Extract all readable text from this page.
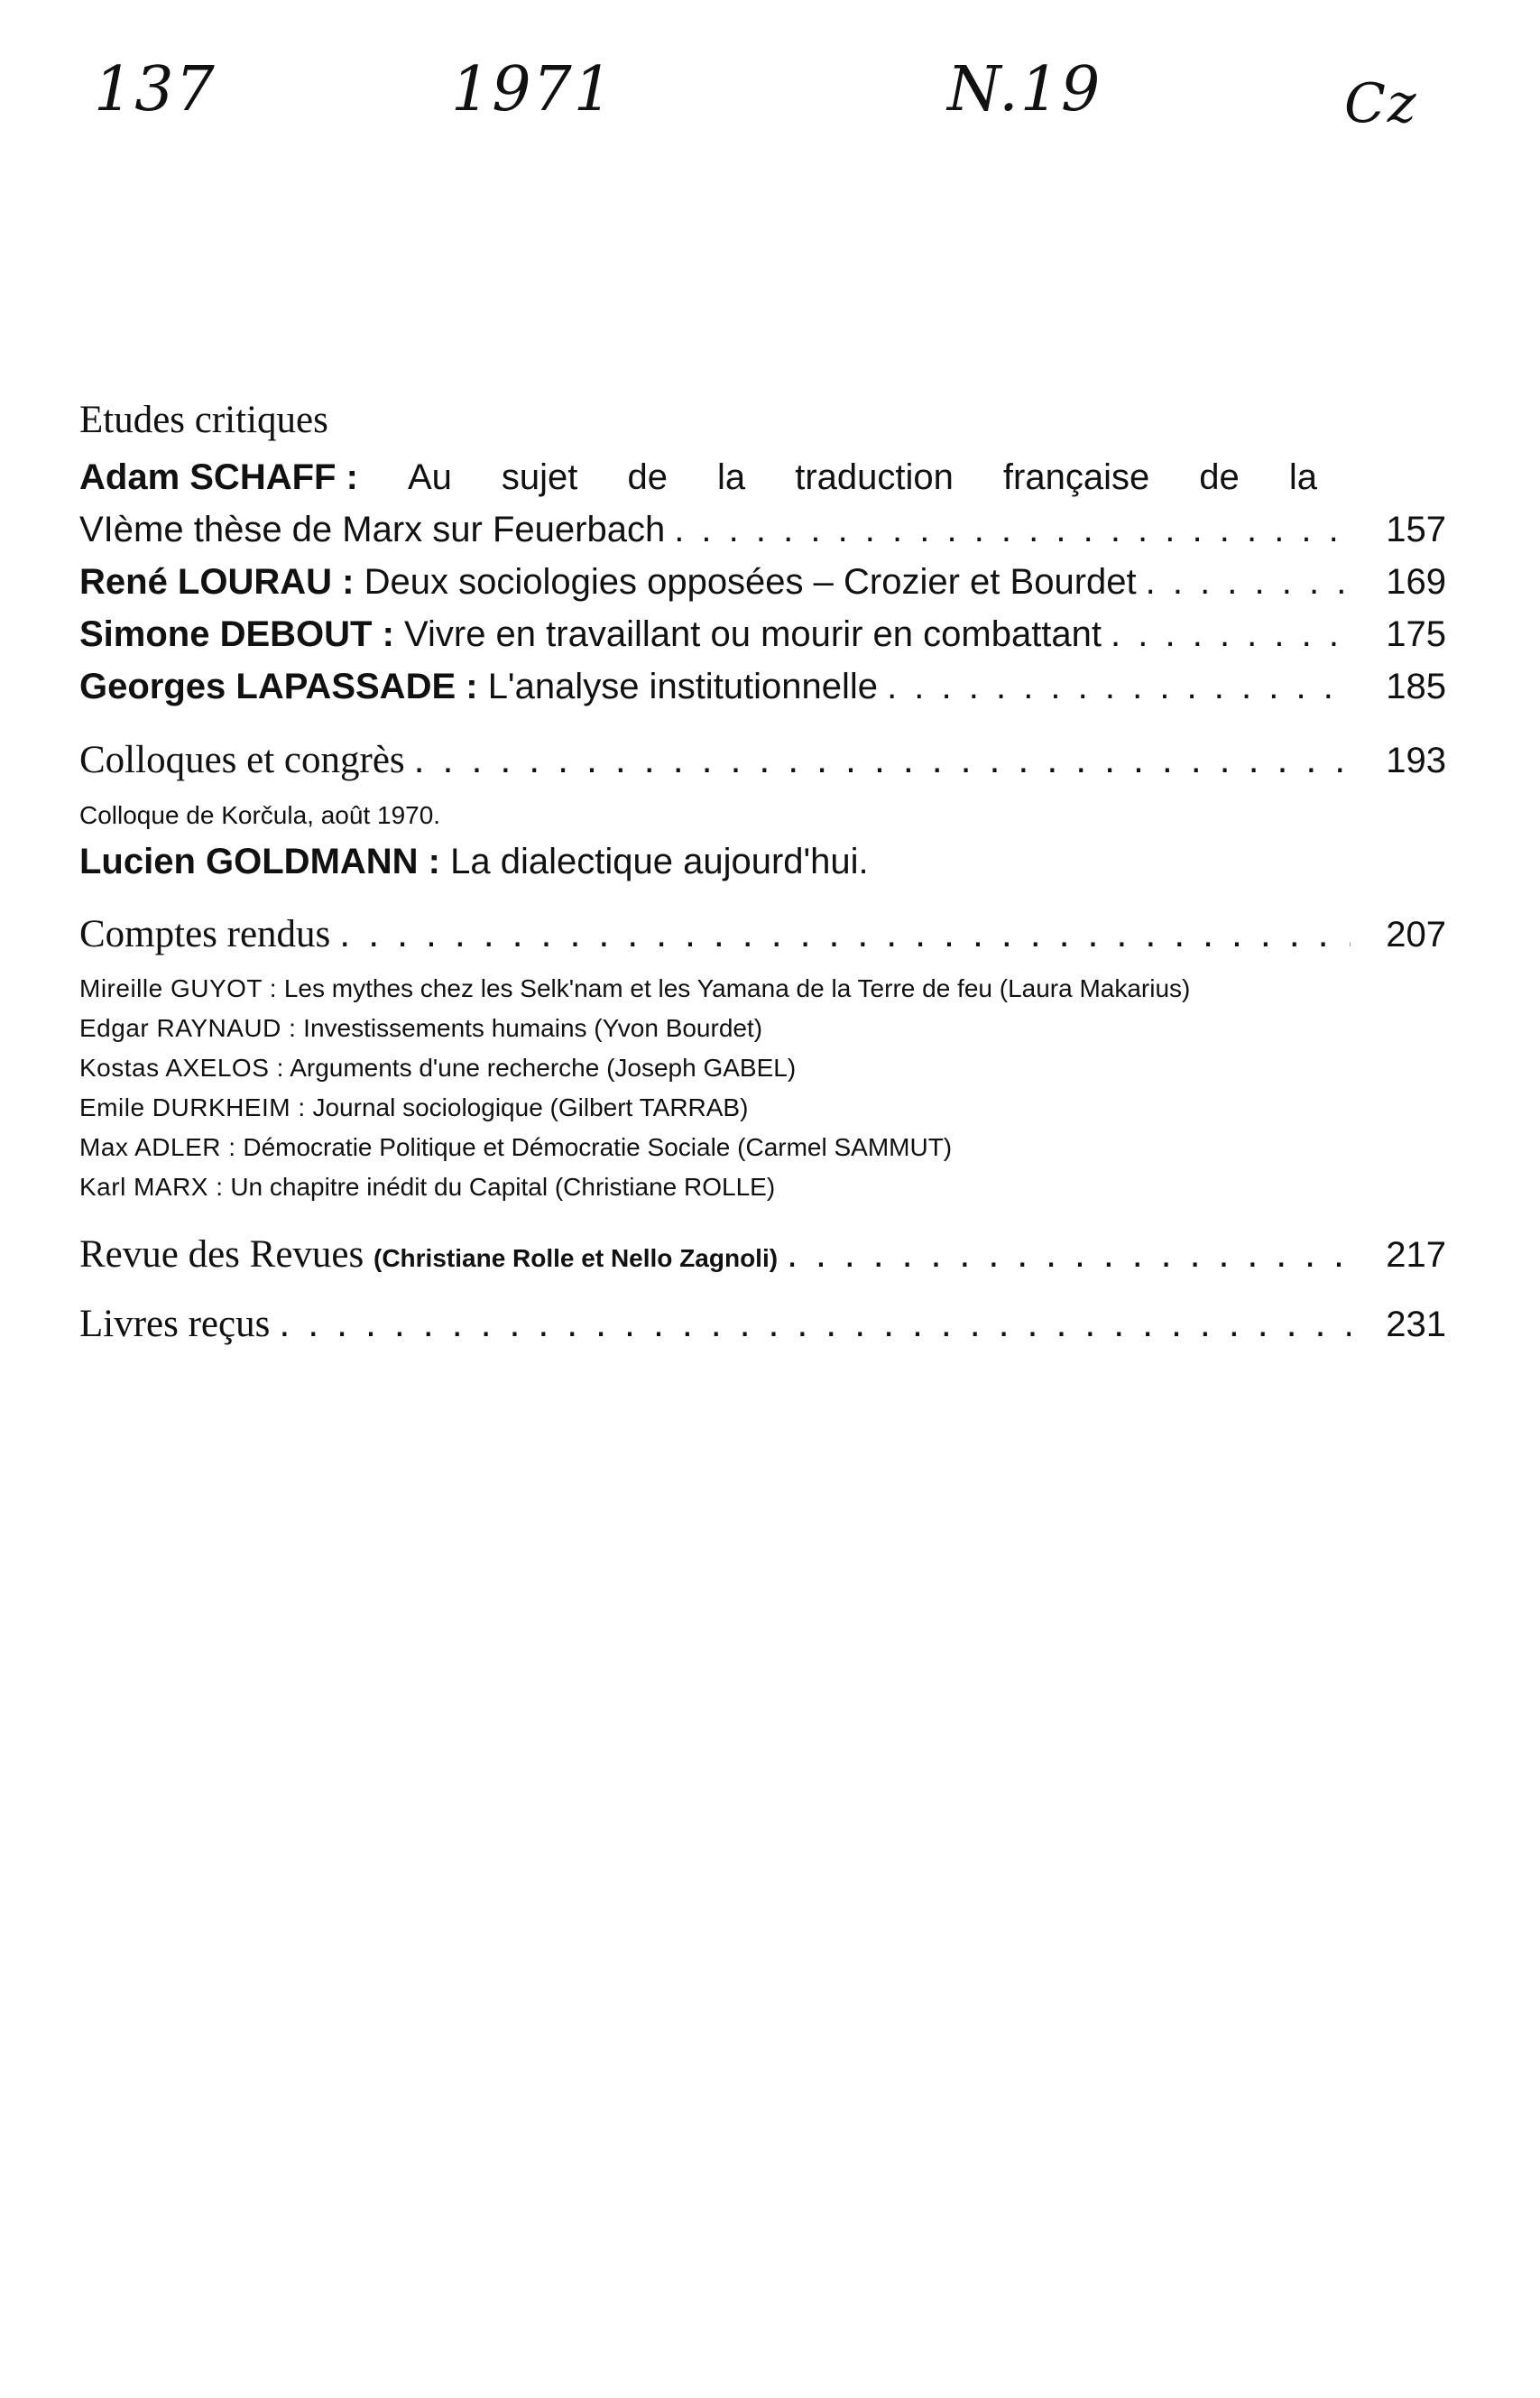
137	1971	N.19	Cz
Etudes critiques
Adam SCHAFF : Au sujet de la traduction française de la
VIème thèse de Marx sur Feuerbach . . .	157
René LOURAU : Deux sociologies opposées – Crozier et Bourdet . . .	169
Simone DEBOUT : Vivre en travaillant ou mourir en combattant . . .	175
Georges LAPASSADE : L'analyse institutionnelle . . .	185
Colloques et congrès . . .	193
Colloque de Korčula, août 1970.
Lucien GOLDMANN : La dialectique aujourd'hui.
Comptes rendus . . .	207
Mireille GUYOT : Les mythes chez les Selk'nam et les Yamana de la Terre de feu (Laura Makarius)
Edgar RAYNAUD : Investissements humains (Yvon Bourdet)
Kostas AXELOS : Arguments d'une recherche (Joseph GABEL)
Emile DURKHEIM : Journal sociologique (Gilbert TARRAB)
Max ADLER : Démocratie Politique et Démocratie Sociale (Carmel SAMMUT)
Karl MARX : Un chapitre inédit du Capital (Christiane ROLLE)
Revue des Revues (Christiane Rolle et Nello Zagnoli) . . .	217
Livres reçus . . .	231
